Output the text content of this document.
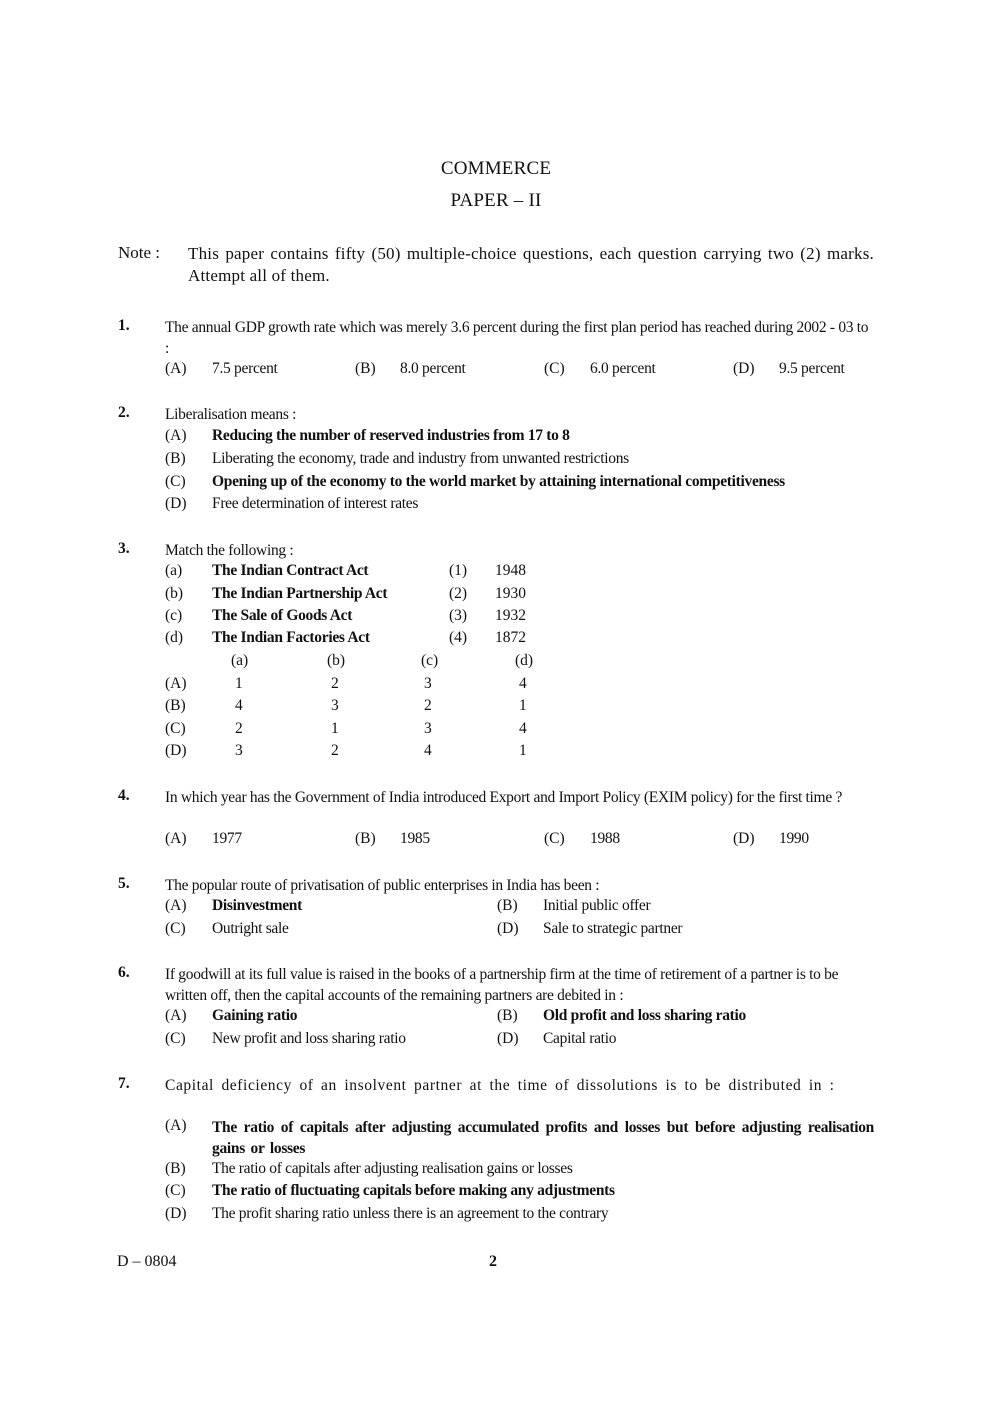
COMMERCE
PAPER – II
Note : This paper contains fifty (50) multiple-choice questions, each question carrying two (2) marks. Attempt all of them.
1. The annual GDP growth rate which was merely 3.6 percent during the first plan period has reached during 2002 - 03 to :
(A) 7.5 percent	(B) 8.0 percent	(C) 6.0 percent	(D) 9.5 percent
2. Liberalisation means :
(A) Reducing the number of reserved industries from 17 to 8
(B) Liberating the economy, trade and industry from unwanted restrictions
(C) Opening up of the economy to the world market by attaining international competitiveness
(D) Free determination of interest rates
3. Match the following :
(a) The Indian Contract Act	(1) 1948
(b) The Indian Partnership Act	(2) 1930
(c) The Sale of Goods Act	(3) 1932
(d) The Indian Factories Act	(4) 1872
(a)	(b)	(c)	(d)
(A)	1	2	3	4
(B)	4	3	2	1
(C)	2	1	3	4
(D)	3	2	4	1
4. In which year has the Government of India introduced Export and Import Policy (EXIM policy) for the first time ?
(A) 1977	(B) 1985	(C) 1988	(D) 1990
5. The popular route of privatisation of public enterprises in India has been :
(A) Disinvestment	(B) Initial public offer
(C) Outright sale	(D) Sale to strategic partner
6. If goodwill at its full value is raised in the books of a partnership firm at the time of retirement of a partner is to be written off, then the capital accounts of the remaining partners are debited in :
(A) Gaining ratio	(B) Old profit and loss sharing ratio
(C) New profit and loss sharing ratio	(D) Capital ratio
7. Capital deficiency of an insolvent partner at the time of dissolutions is to be distributed in :
(A) The ratio of capitals after adjusting accumulated profits and losses but before adjusting realisation gains or losses
(B) The ratio of capitals after adjusting realisation gains or losses
(C) The ratio of fluctuating capitals before making any adjustments
(D) The profit sharing ratio unless there is an agreement to the contrary
D – 0804	2
